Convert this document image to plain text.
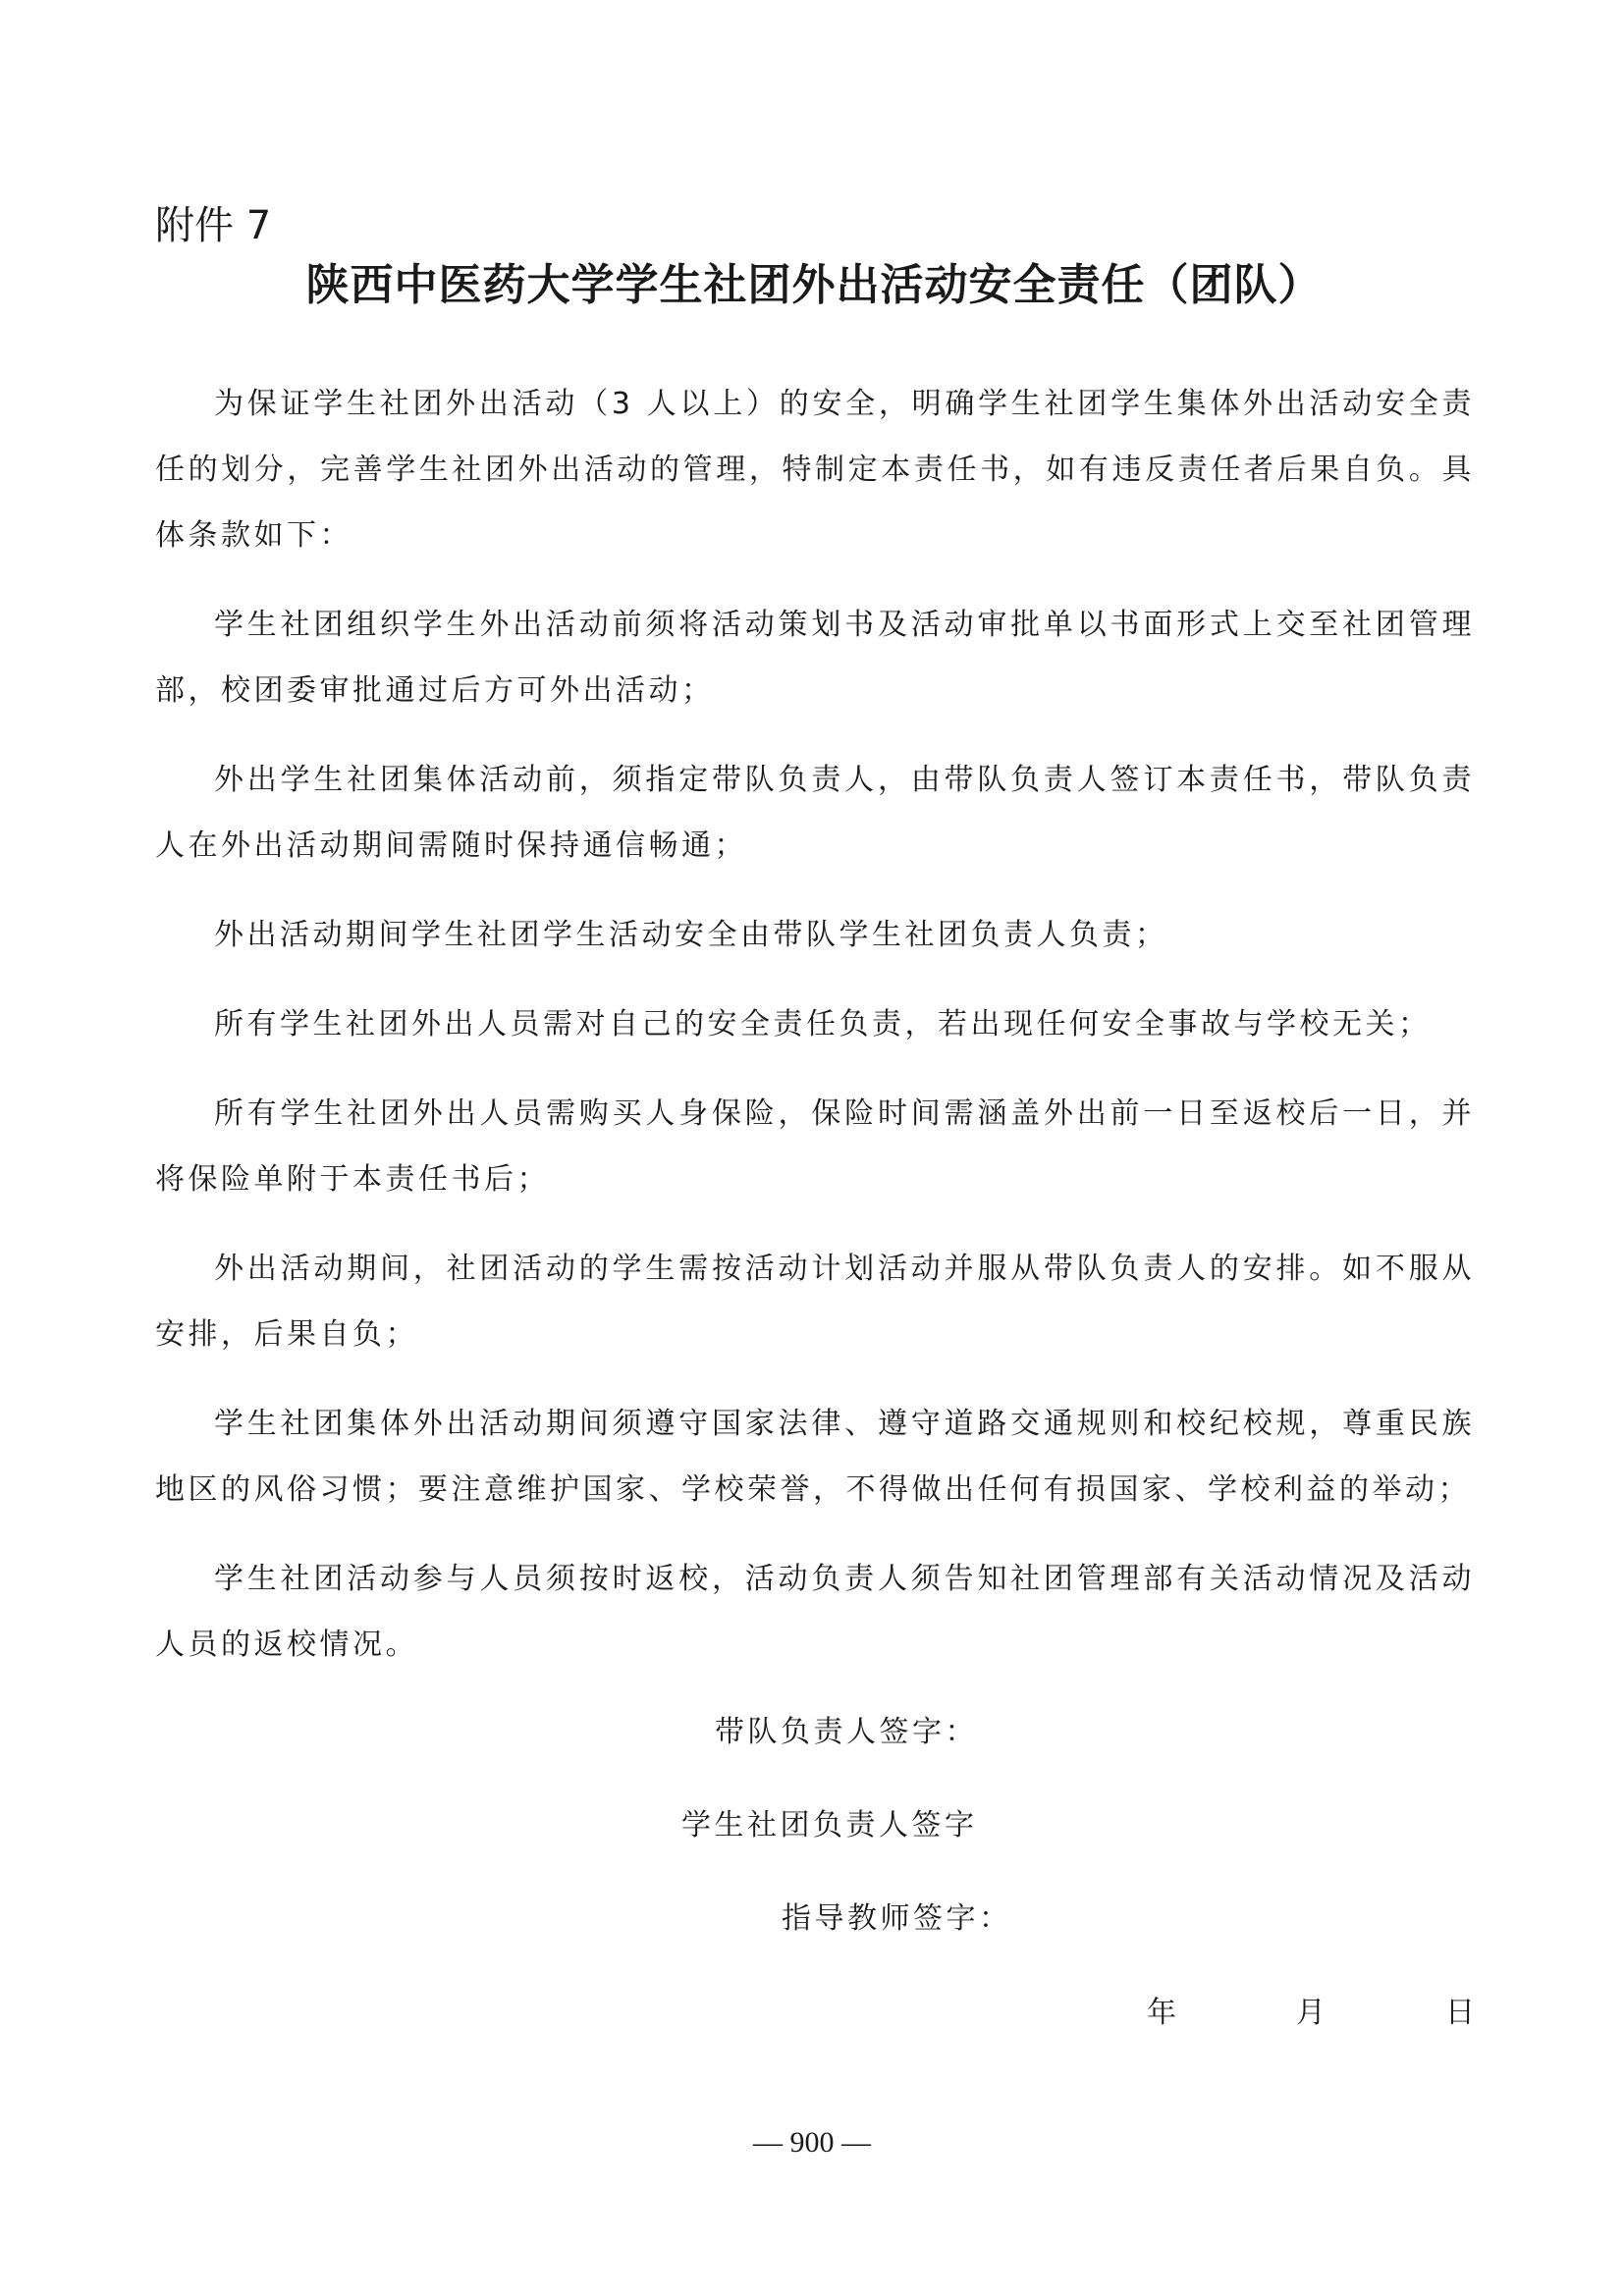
附件 7
陕西中医药大学学生社团外出活动安全责任（团队）

为保证学生社团外出活动（3 人以上）的安全，明确学生社团学生集体外出活动安全责任的划分，完善学生社团外出活动的管理，特制定本责任书，如有违反责任者后果自负。具体条款如下：

学生社团组织学生外出活动前须将活动策划书及活动审批单以书面形式上交至社团管理部，校团委审批通过后方可外出活动；

外出学生社团集体活动前，须指定带队负责人，由带队负责人签订本责任书，带队负责人在外出活动期间需随时保持通信畅通；

外出活动期间学生社团学生活动安全由带队学生社团负责人负责；

所有学生社团外出人员需对自己的安全责任负责，若出现任何安全事故与学校无关；

所有学生社团外出人员需购买人身保险，保险时间需涵盖外出前一日至返校后一日，并将保险单附于本责任书后；

外出活动期间，社团活动的学生需按活动计划活动并服从带队负责人的安排。如不服从安排，后果自负；

学生社团集体外出活动期间须遵守国家法律、遵守道路交通规则和校纪校规，尊重民族地区的风俗习惯；要注意维护国家、学校荣誉，不得做出任何有损国家、学校利益的举动；

学生社团活动参与人员须按时返校，活动负责人须告知社团管理部有关活动情况及活动人员的返校情况。

带队负责人签字：
学生社团负责人签字
指导教师签字：
年	月	日
— 900 —
